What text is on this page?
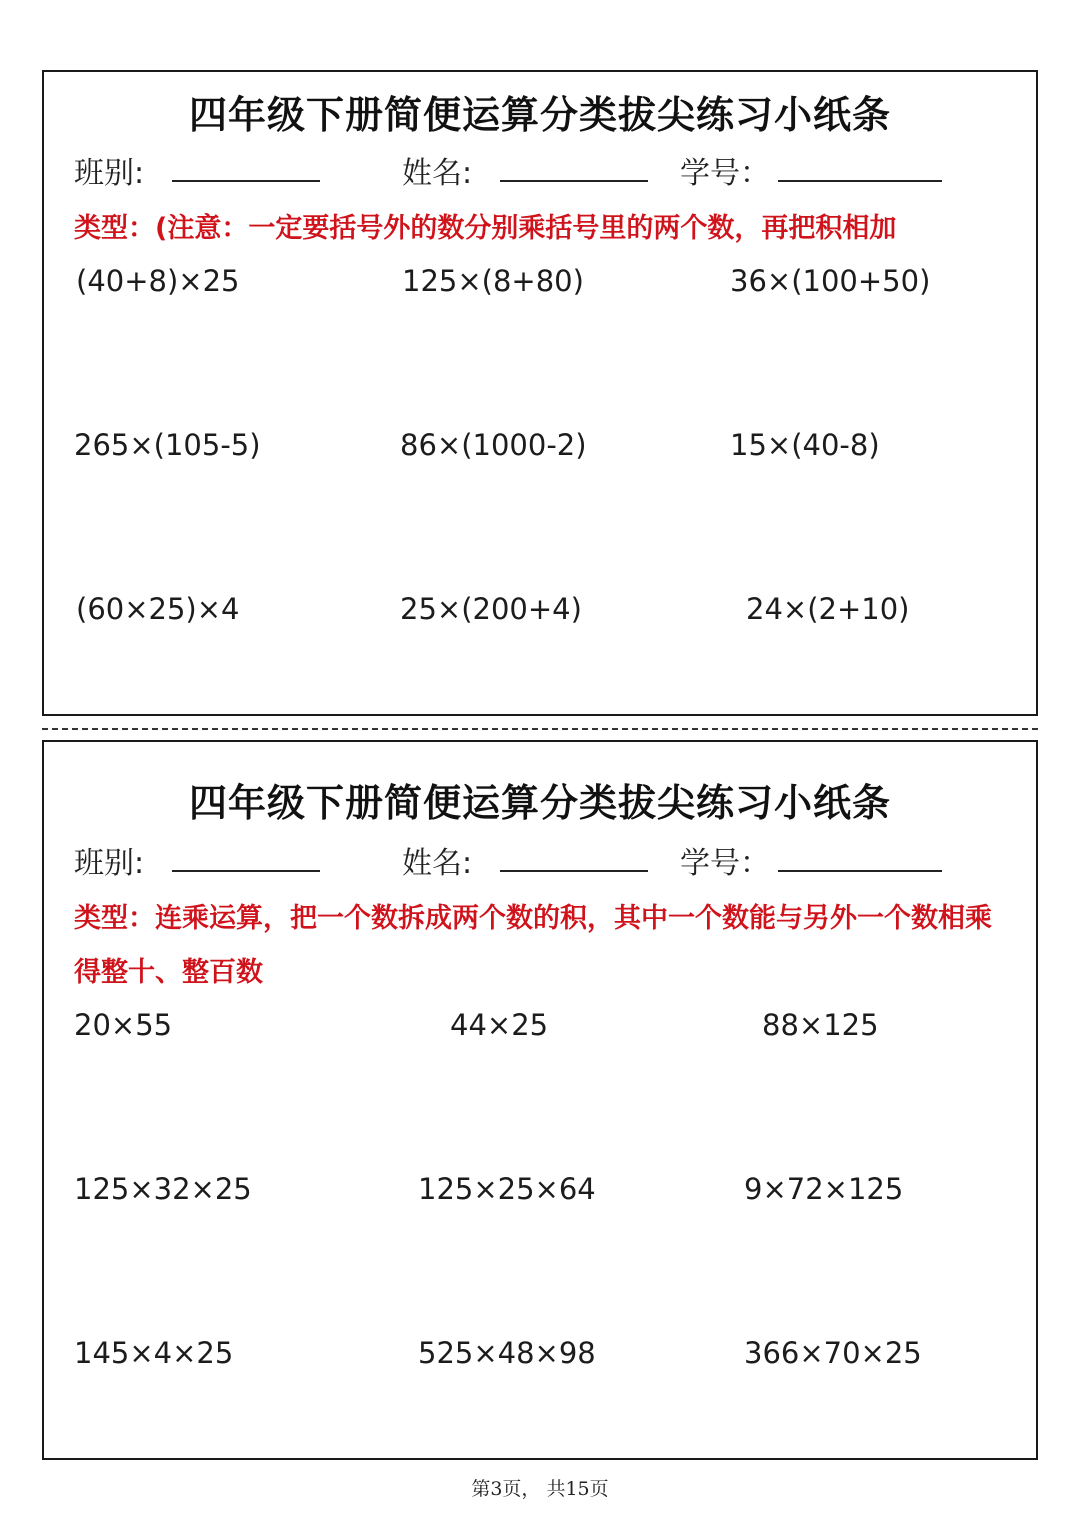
四年级下册简便运算分类拔尖练习小纸条
班别:	姓名:	学号：
类型：(注意：一定要括号外的数分别乘括号里的两个数，再把积相加
(40+8)×25	125×(8+80)	36×(100+50)
265×(105-5)	86×(1000-2)	15×(40-8)
(60×25)×4	25×(200+4)	24×(2+10)
四年级下册简便运算分类拔尖练习小纸条
班别:	姓名:	学号：
类型：连乘运算，把一个数拆成两个数的积，其中一个数能与另外一个数相乘 得整十、整百数
20×55	44×25	88×125
125×32×25	125×25×64	9×72×125
145×4×25	525×48×98	366×70×25
第3页， 共15页
